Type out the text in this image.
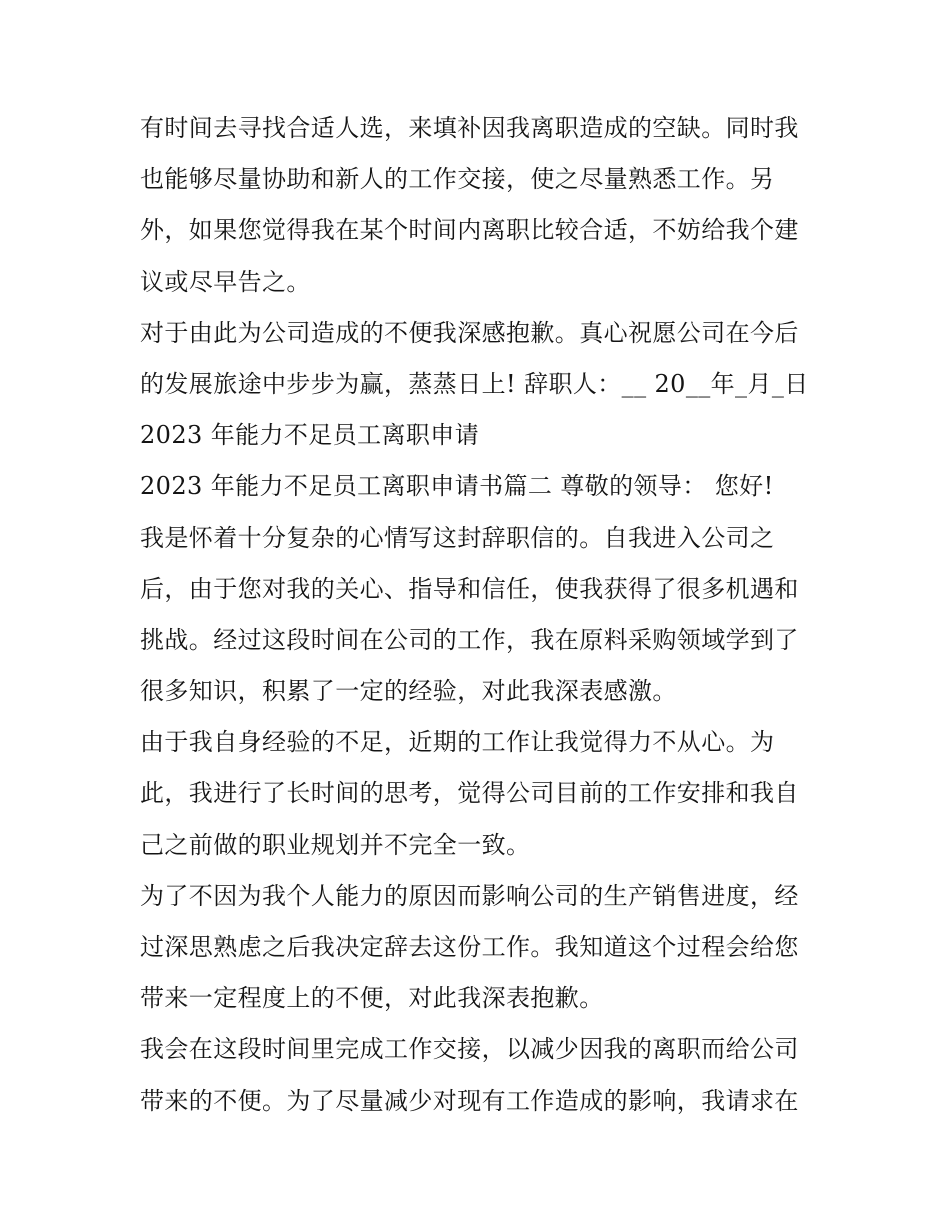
有时间去寻找合适人选，来填补因我离职造成的空缺。同时我
也能够尽量协助和新人的工作交接，使之尽量熟悉工作。另
外，如果您觉得我在某个时间内离职比较合适，不妨给我个建
议或尽早告之。
对于由此为公司造成的不便我深感抱歉。真心祝愿公司在今后
的发展旅途中步步为赢，蒸蒸日上! 辞职人：__ 20__年_月_日
2023 年能力不足员工离职申请
2023 年能力不足员工离职申请书篇二 尊敬的领导： 您好!
我是怀着十分复杂的心情写这封辞职信的。自我进入公司之
后，由于您对我的关心、指导和信任，使我获得了很多机遇和
挑战。经过这段时间在公司的工作，我在原料采购领域学到了
很多知识，积累了一定的经验，对此我深表感激。
由于我自身经验的不足，近期的工作让我觉得力不从心。为
此，我进行了长时间的思考，觉得公司目前的工作安排和我自
己之前做的职业规划并不完全一致。
为了不因为我个人能力的原因而影响公司的生产销售进度，经
过深思熟虑之后我决定辞去这份工作。我知道这个过程会给您
带来一定程度上的不便，对此我深表抱歉。
我会在这段时间里完成工作交接，以减少因我的离职而给公司
带来的不便。为了尽量减少对现有工作造成的影响，我请求在
